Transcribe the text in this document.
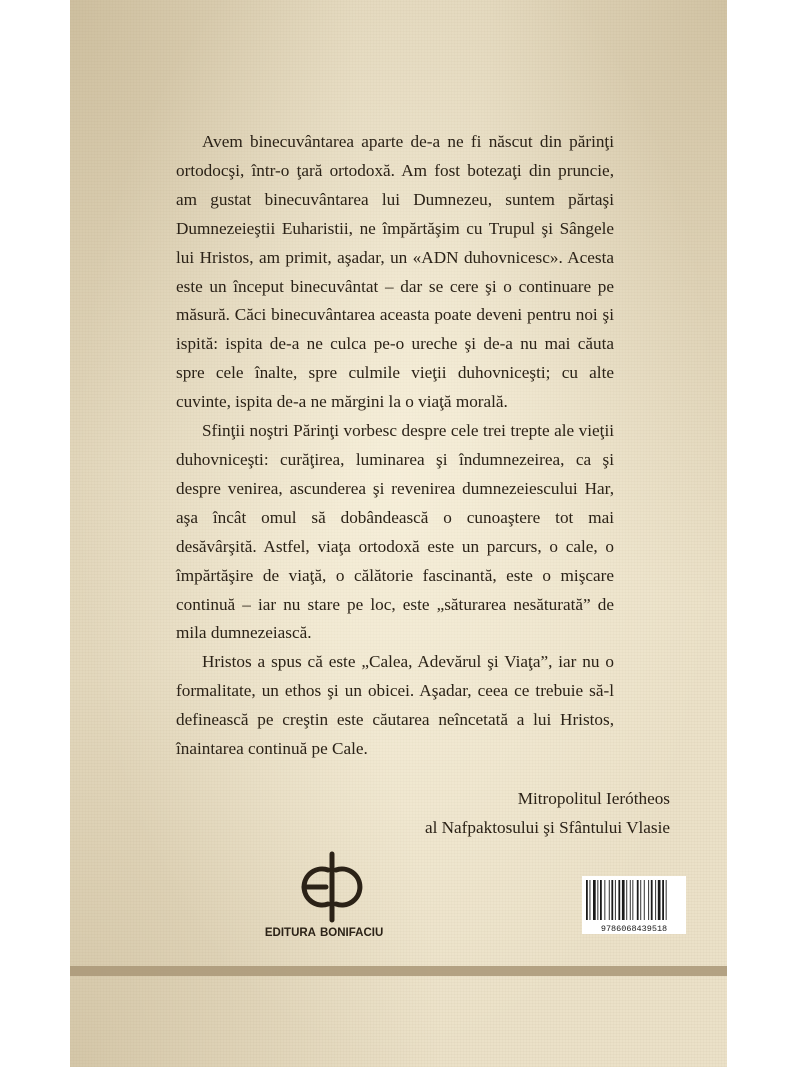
Avem binecuvântarea aparte de-a ne fi născut din părinţi ortodocşi, într-o ţară ortodoxă. Am fost botezaţi din pruncie, am gustat binecuvântarea lui Dumnezeu, suntem părtaşi Dumnezeieştii Euharistii, ne împărtăşim cu Trupul şi Sângele lui Hristos, am primit, aşadar, un «ADN duhovnicesc». Acesta este un început binecuvântat – dar se cere şi o continuare pe măsură. Căci binecuvântarea aceasta poate deveni pentru noi şi ispită: ispita de-a ne culca pe-o ureche şi de-a nu mai căuta spre cele înalte, spre culmile vieţii duhovniceşti; cu alte cuvinte, ispita de-a ne mărgini la o viaţă morală.

Sfinţii noştri Părinţi vorbesc despre cele trei trepte ale vieţii duhovniceşti: curăţirea, luminarea şi îndumnezeirea, ca şi despre venirea, ascunderea şi revenirea dumnezeiescului Har, aşa încât omul să dobândească o cunoaştere tot mai desăvârşită. Astfel, viaţa ortodoxă este un parcurs, o cale, o împărtăşire de viaţă, o călătorie fascinantă, este o mişcare continuă – iar nu stare pe loc, este „săturarea nesăturată” de mila dumnezeiască.

Hristos a spus că este „Calea, Adevărul şi Viaţa”, iar nu o formalitate, un ethos şi un obicei. Aşadar, ceea ce trebuie să-l definească pe creştin este căutarea neîncetată a lui Hristos, înaintarea continuă pe Cale.

Mitropolitul Ierótheos
al Nafpaktosului şi Sfântului Vlasie
EDITURA BONIFACIU	9786068439518
